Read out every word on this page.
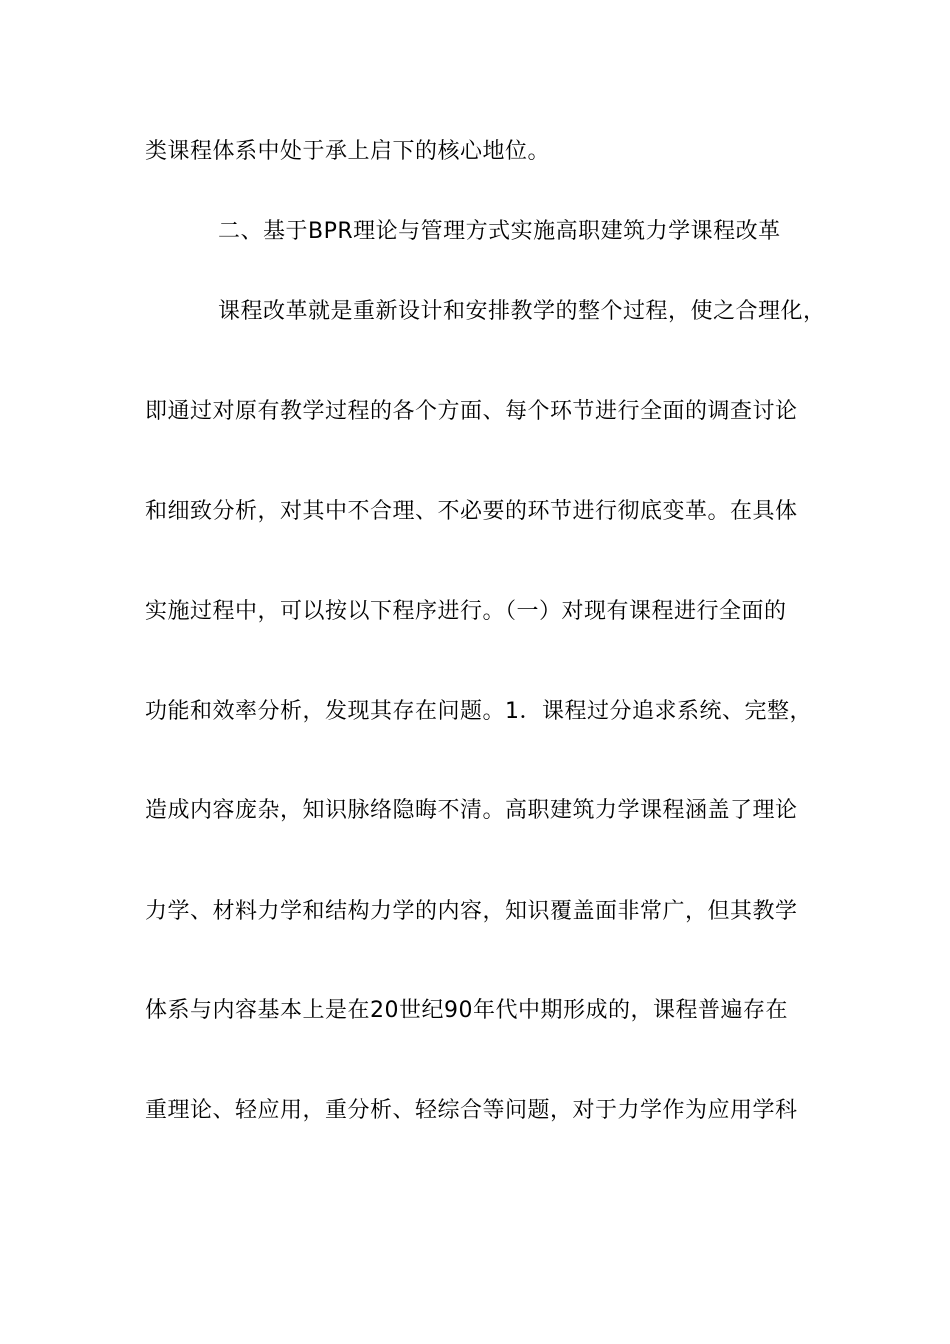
类课程体系中处于承上启下的核心地位。
二、基于BPR理论与管理方式实施高职建筑力学课程改革
课程改革就是重新设计和安排教学的整个过程，使之合理化，
即通过对原有教学过程的各个方面、每个环节进行全面的调查讨论
和细致分析，对其中不合理、不必要的环节进行彻底变革。在具体
实施过程中，可以按以下程序进行。（一）对现有课程进行全面的
功能和效率分析，发现其存在问题。1．课程过分追求系统、完整，
造成内容庞杂，知识脉络隐晦不清。高职建筑力学课程涵盖了理论
力学、材料力学和结构力学的内容，知识覆盖面非常广，但其教学
体系与内容基本上是在20世纪90年代中期形成的，课程普遍存在
重理论、轻应用，重分析、轻综合等问题，对于力学作为应用学科
